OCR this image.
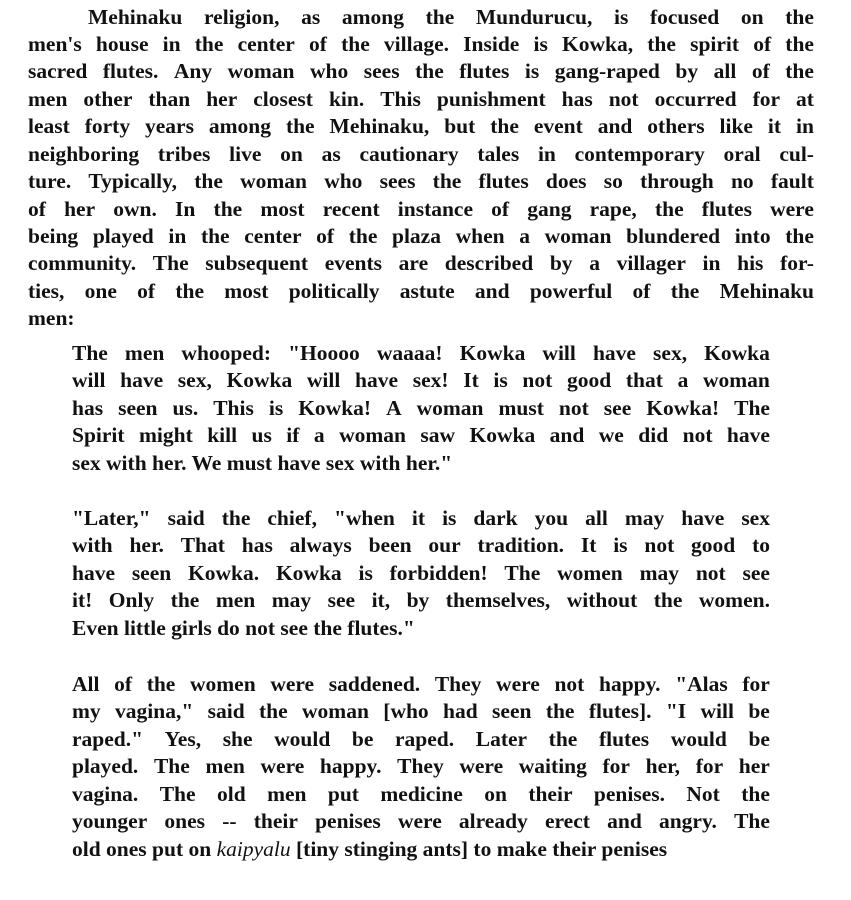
Mehinaku religion, as among the Mundurucu, is focused on the
men's house in the center of the village. Inside is Kowka, the spirit of the
sacred flutes. Any woman who sees the flutes is gang-raped by all of the
men other than her closest kin. This punishment has not occurred for at
least forty years among the Mehinaku, but the event and others like it in
neighboring tribes live on as cautionary tales in contemporary oral cul-
ture. Typically, the woman who sees the flutes does so through no fault
of her own. In the most recent instance of gang rape, the flutes were
being played in the center of the plaza when a woman blundered into the
community. The subsequent events are described by a villager in his for-
ties, one of the most politically astute and powerful of the Mehinaku
men:
The men whooped: "Hoooo waaaa! Kowka will have sex, Kowka
will have sex, Kowka will have sex! It is not good that a woman
has seen us. This is Kowka! A woman must not see Kowka! The
Spirit might kill us if a woman saw Kowka and we did not have
sex with her. We must have sex with her."
"Later," said the chief, "when it is dark you all may have sex
with her. That has always been our tradition. It is not good to
have seen Kowka. Kowka is forbidden! The women may not see
it! Only the men may see it, by themselves, without the women.
Even little girls do not see the flutes."
All of the women were saddened. They were not happy. "Alas for
my vagina," said the woman [who had seen the flutes]. "I will be
raped." Yes, she would be raped. Later the flutes would be
played. The men were happy. They were waiting for her, for her
vagina. The old men put medicine on their penises. Not the
younger ones -- their penises were already erect and angry. The
old ones put on kaipyalu [tiny stinging ants] to make their penises
